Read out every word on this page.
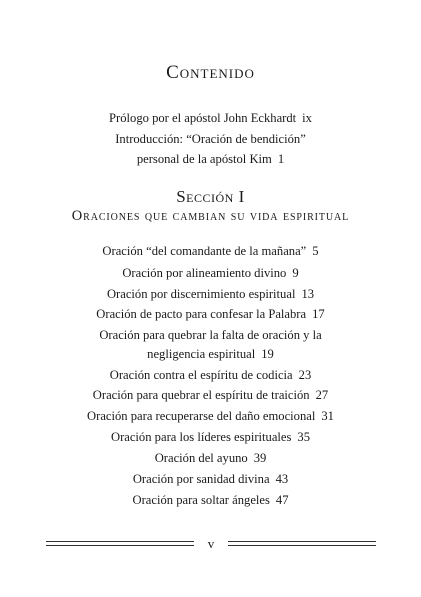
Contenido
Prólogo por el apóstol John Eckhardt ix
Introducción: “Oración de bendición”
personal de la apóstol Kim 1
Sección I
Oraciones que cambian su vida espiritual
Oración “del comandante de la mañana” 5
Oración por alineamiento divino 9
Oración por discernimiento espiritual 13
Oración de pacto para confesar la Palabra 17
Oración para quebrar la falta de oración y la
negligencia espiritual 19
Oración contra el espíritu de codicia 23
Oración para quebrar el espíritu de traición 27
Oración para recuperarse del daño emocional 31
Oración para los líderes espirituales 35
Oración del ayuno 39
Oración por sanidad divina 43
Oración para soltar ángeles 47
v
